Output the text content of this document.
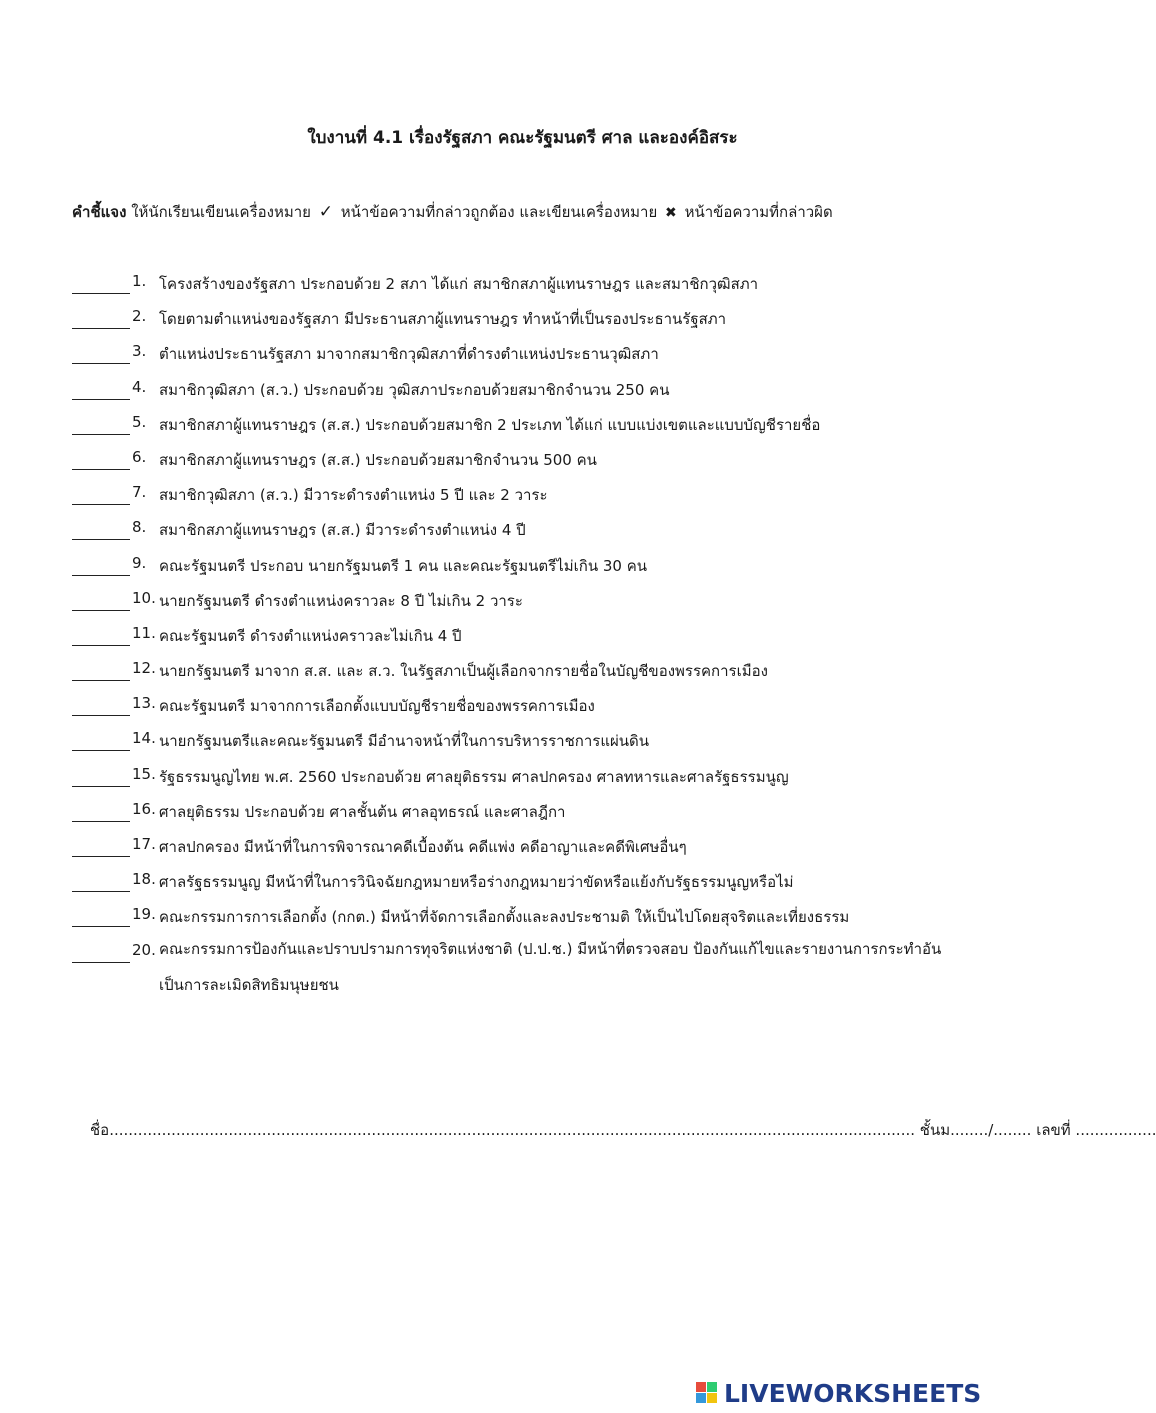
ใบงานที่ 4.1 เรื่องรัฐสภา คณะรัฐมนตรี ศาล และองค์อิสระ
คำชี้แจง ให้นักเรียนเขียนเครื่องหมาย ✓ หน้าข้อความที่กล่าวถูกต้อง และเขียนเครื่องหมาย ✖ หน้าข้อความที่กล่าวผิด
1. โครงสร้างของรัฐสภา ประกอบด้วย 2 สภา ได้แก่ สมาชิกสภาผู้แทนราษฎร และสมาชิกวุฒิสภา
2. โดยตามตำแหน่งของรัฐสภา มีประธานสภาผู้แทนราษฎร ทำหน้าที่เป็นรองประธานรัฐสภา
3. ตำแหน่งประธานรัฐสภา มาจากสมาชิกวุฒิสภาที่ดำรงตำแหน่งประธานวุฒิสภา
4. สมาชิกวุฒิสภา (ส.ว.) ประกอบด้วย วุฒิสภาประกอบด้วยสมาชิกจำนวน 250 คน
5. สมาชิกสภาผู้แทนราษฎร (ส.ส.) ประกอบด้วยสมาชิก 2 ประเภท ได้แก่ แบบแบ่งเขตและแบบบัญชีรายชื่อ
6. สมาชิกสภาผู้แทนราษฎร (ส.ส.) ประกอบด้วยสมาชิกจำนวน 500 คน
7. สมาชิกวุฒิสภา (ส.ว.) มีวาระดำรงตำแหน่ง 5 ปี และ 2 วาระ
8. สมาชิกสภาผู้แทนราษฎร (ส.ส.) มีวาระดำรงตำแหน่ง 4 ปี
9. คณะรัฐมนตรี ประกอบ นายกรัฐมนตรี 1 คน และคณะรัฐมนตรีไม่เกิน 30 คน
10. นายกรัฐมนตรี ดำรงตำแหน่งคราวละ 8 ปี ไม่เกิน 2 วาระ
11. คณะรัฐมนตรี ดำรงตำแหน่งคราวละไม่เกิน 4 ปี
12. นายกรัฐมนตรี มาจาก ส.ส. และ ส.ว. ในรัฐสภาเป็นผู้เลือกจากรายชื่อในบัญชีของพรรคการเมือง
13. คณะรัฐมนตรี มาจากการเลือกตั้งแบบบัญชีรายชื่อของพรรคการเมือง
14. นายกรัฐมนตรีและคณะรัฐมนตรี มีอำนาจหน้าที่ในการบริหารราชการแผ่นดิน
15. รัฐธรรมนูญไทย พ.ศ. 2560 ประกอบด้วย ศาลยุติธรรม ศาลปกครอง ศาลทหารและศาลรัฐธรรมนูญ
16. ศาลยุติธรรม ประกอบด้วย ศาลชั้นต้น ศาลอุทธรณ์ และศาลฎีกา
17. ศาลปกครอง มีหน้าที่ในการพิจารณาคดีเบื้องต้น คดีแพ่ง คดีอาญาและคดีพิเศษอื่นๆ
18. ศาลรัฐธรรมนูญ มีหน้าที่ในการวินิจฉัยกฎหมายหรือร่างกฎหมายว่าขัดหรือแย้งกับรัฐธรรมนูญหรือไม่
19. คณะกรรมการการเลือกตั้ง (กกต.) มีหน้าที่จัดการเลือกตั้งและลงประชามติ ให้เป็นไปโดยสุจริตและเที่ยงธรรม
20. คณะกรรมการป้องกันและปราบปรามการทุจริตแห่งชาติ (ป.ป.ช.) มีหน้าที่ตรวจสอบ ป้องกันแก้ไขและรายงานการกระทำอันเป็นการละเมิดสิทธิมนุษยชน
ชื่อ......................................................................................................................................................................... ชั้นม......../........ เลขที่ .................
LIVEWORKSHEETS
